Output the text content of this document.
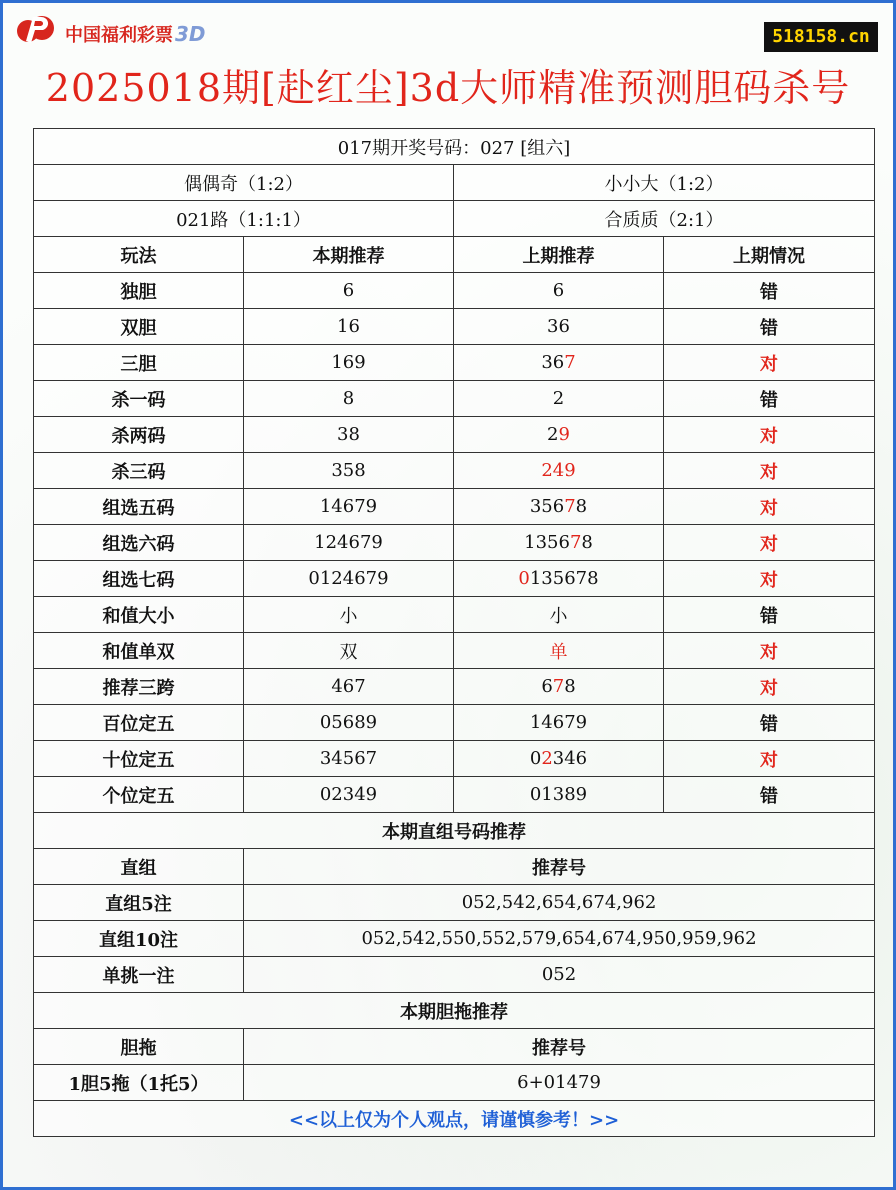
中国福利彩票 3D	518158.cn
2025018期[赴红尘]3d大师精准预测胆码杀号
017期开奖号码：027 [组六]			
偶偶奇（1:2）		小小大（1:2）	
021路（1:1:1）		合质质（2:1）	
玩法	本期推荐	上期推荐	上期情况
独胆	6	6	错
双胆	16	36	错
三胆	169	367	对
杀一码	8	2	错
杀两码	38	29	对
杀三码	358	249	对
组选五码	14679	35678	对
组选六码	124679	135678	对
组选七码	0124679	0135678	对
和值大小	小	小	错
和值单双	双	单	对
推荐三跨	467	678	对
百位定五	05689	14679	错
十位定五	34567	02346	对
个位定五	02349	01389	错
本期直组号码推荐			
直组	推荐号		
直组5注	052,542,654,674,962		
直组10注	052,542,550,552,579,654,674,950,959,962		
单挑一注	052		
本期胆拖推荐			
胆拖	推荐号		
1胆5拖（1托5）	6+01479		
<<以上仅为个人观点，请谨慎参考！>>			
